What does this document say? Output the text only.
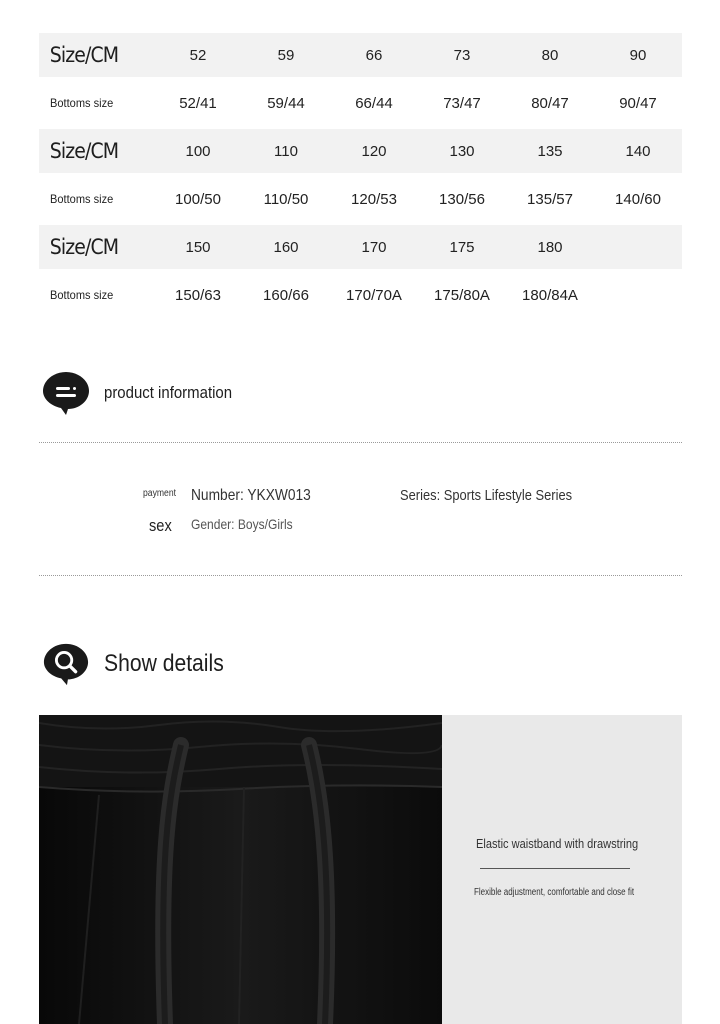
Size/CM	52	59	66	73	80	90
Bottoms size	52/41	59/44	66/44	73/47	80/47	90/47
Size/CM	100	110	120	130	135	140
Bottoms size	100/50	110/50	120/53	130/56	135/57	140/60
Size/CM	150	160	170	175	180
Bottoms size	150/63	160/66	170/70A	175/80A	180/84A
product information
payment Number: YKXW013	Series: Sports Lifestyle Series
sex Gender: Boys/Girls
Show details
Elastic waistband with drawstring
Flexible adjustment, comfortable and close fit
